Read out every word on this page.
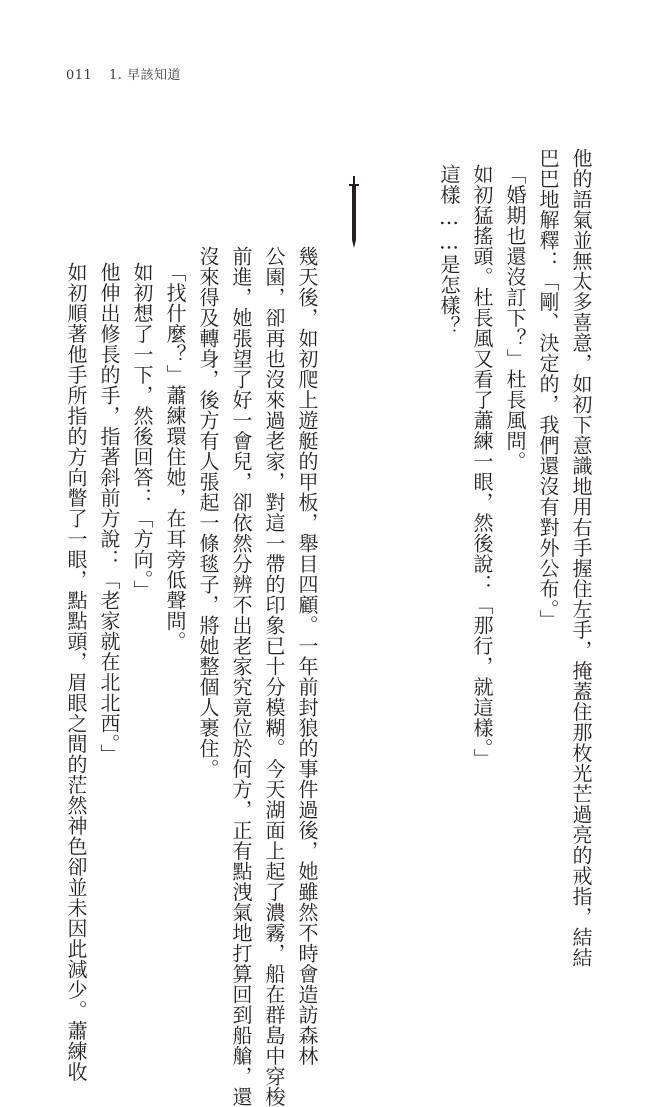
011 1. 早該知道
他的語氣並無太多喜意，如初下意識地用右手握住左手，掩蓋住那枚光芒過亮的戒指，結結
巴巴地解釋：「剛、決定的，我們還沒有對外公布。」
「婚期也還沒訂下？」杜長風問。
如初猛搖頭。杜長風又看了蕭練一眼，然後說：「那行，就這樣。」
這樣……是怎樣？
幾天後，如初爬上遊艇的甲板，舉目四顧。一年前封狼的事件過後，她雖然不時會造訪森林
公園，卻再也沒來過老家，對這一帶的印象已十分模糊。今天湖面上起了濃霧，船在群島中穿梭
前進，她張望了好一會兒，卻依然分辨不出老家究竟位於何方，正有點洩氣地打算回到船艙，還
沒來得及轉身，後方有人張起一條毯子，將她整個人裹住。
「找什麼？」蕭練環住她，在耳旁低聲問。
如初想了一下，然後回答：「方向。」
他伸出修長的手，指著斜前方說：「老家就在北北西。」
如初順著他手所指的方向瞥了一眼，點點頭，眉眼之間的茫然神色卻並未因此減少。蕭練收
